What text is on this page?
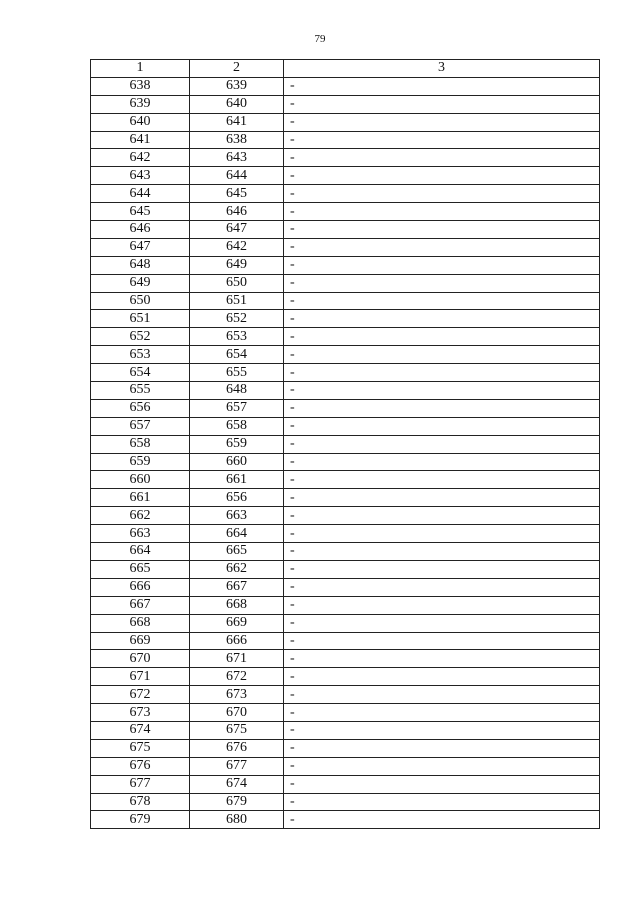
79
1	2	3
638	639	-
639	640	-
640	641	-
641	638	-
642	643	-
643	644	-
644	645	-
645	646	-
646	647	-
647	642	-
648	649	-
649	650	-
650	651	-
651	652	-
652	653	-
653	654	-
654	655	-
655	648	-
656	657	-
657	658	-
658	659	-
659	660	-
660	661	-
661	656	-
662	663	-
663	664	-
664	665	-
665	662	-
666	667	-
667	668	-
668	669	-
669	666	-
670	671	-
671	672	-
672	673	-
673	670	-
674	675	-
675	676	-
676	677	-
677	674	-
678	679	-
679	680	-
